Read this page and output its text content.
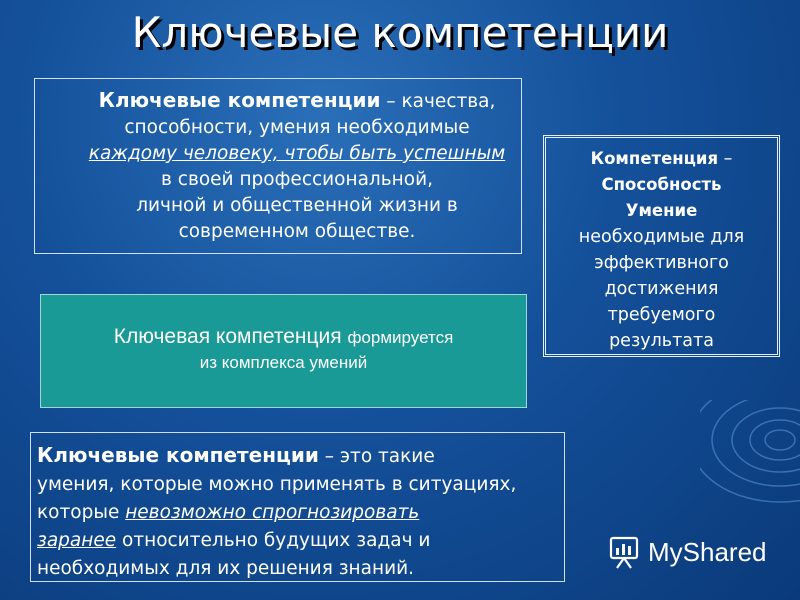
Ключевые компетенции
Ключевые компетенции – качества,
способности, умения необходимые
каждому человеку, чтобы быть успешным
в своей профессиональной,
личной и общественной жизни в
современном обществе.
Ключевая компетенция формируется
из комплекса умений
Компетенция –
Способность
Умение
необходимые для
эффективного
достижения
требуемого
результата
Ключевые компетенции – это такие
умения, которые можно применять в ситуациях,
которые невозможно спрогнозировать
заранее относительно будущих задач и
необходимых для их решения знаний.
MyShared
